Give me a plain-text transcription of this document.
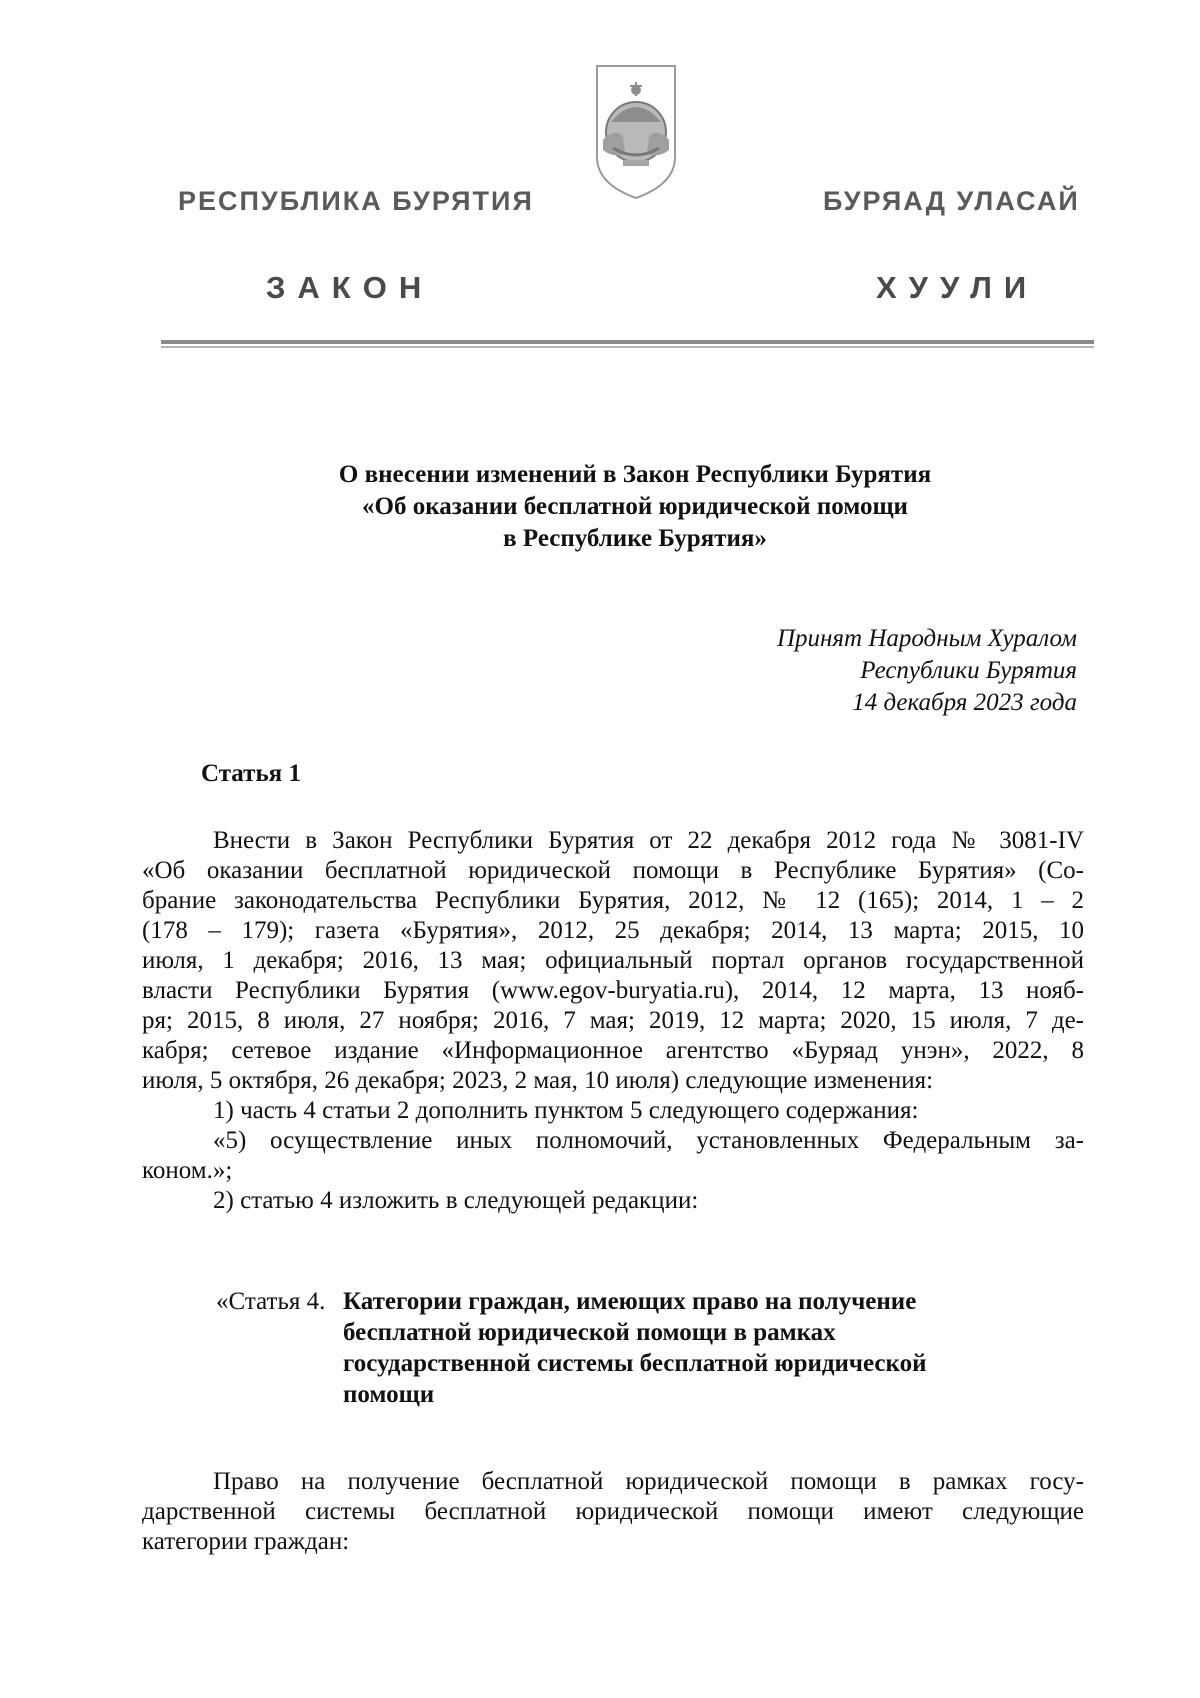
РЕСПУБЛИКА БУРЯТИЯ	БУРЯАД УЛАСАЙ
ЗАКОН	ХУУЛИ
О внесении изменений в Закон Республики Бурятия
«Об оказании бесплатной юридической помощи
в Республике Бурятия»
Принят Народным Хуралом
Республики Бурятия
14 декабря 2023 года
Статья 1
Внести в Закон Республики Бурятия от 22 декабря 2012 года № 3081-IV
«Об оказании бесплатной юридической помощи в Республике Бурятия» (Со-
брание законодательства Республики Бурятия, 2012, № 12 (165); 2014, 1 – 2
(178 – 179); газета «Бурятия», 2012, 25 декабря; 2014, 13 марта; 2015, 10
июля, 1 декабря; 2016, 13 мая; официальный портал органов государственной
власти Республики Бурятия (www.egov-buryatia.ru), 2014, 12 марта, 13 нояб-
ря; 2015, 8 июля, 27 ноября; 2016, 7 мая; 2019, 12 марта; 2020, 15 июля, 7 де-
кабря; сетевое издание «Информационное агентство «Буряад унэн», 2022, 8
июля, 5 октября, 26 декабря; 2023, 2 мая, 10 июля) следующие изменения:
1) часть 4 статьи 2 дополнить пунктом 5 следующего содержания:
«5) осуществление иных полномочий, установленных Федеральным за-
коном.»;
2) статью 4 изложить в следующей редакции:
«Статья 4. Категории граждан, имеющих право на получение
бесплатной юридической помощи в рамках
государственной системы бесплатной юридической
помощи
Право на получение бесплатной юридической помощи в рамках госу-
дарственной системы бесплатной юридической помощи имеют следующие
категории граждан:
